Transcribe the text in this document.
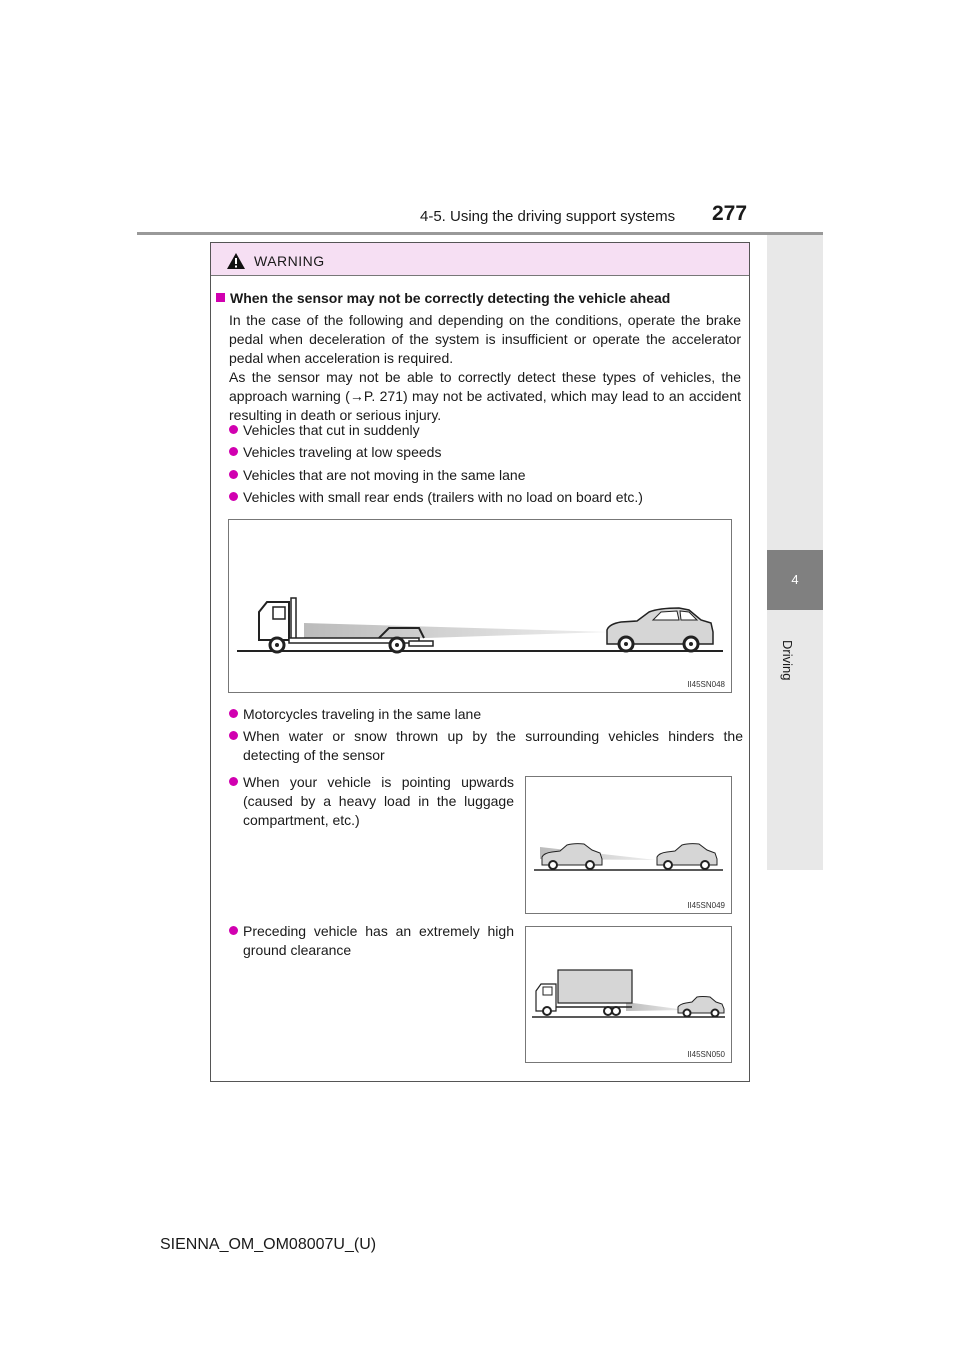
4-5. Using the driving support systems 277
4
Driving
WARNING
When the sensor may not be correctly detecting the vehicle ahead
In the case of the following and depending on the conditions, operate the brake pedal when deceleration of the system is insufficient or operate the accelerator pedal when acceleration is required.
As the sensor may not be able to correctly detect these types of vehicles, the approach warning (→P. 271) may not be activated, which may lead to an accident resulting in death or serious injury.
Vehicles that cut in suddenly
Vehicles traveling at low speeds
Vehicles that are not moving in the same lane
Vehicles with small rear ends (trailers with no load on board etc.)
II45SN048
Motorcycles traveling in the same lane
When water or snow thrown up by the surrounding vehicles hinders the detecting of the sensor
When your vehicle is pointing upwards (caused by a heavy load in the luggage compartment, etc.)
II45SN049
Preceding vehicle has an extremely high ground clearance
II45SN050
SIENNA_OM_OM08007U_(U)
